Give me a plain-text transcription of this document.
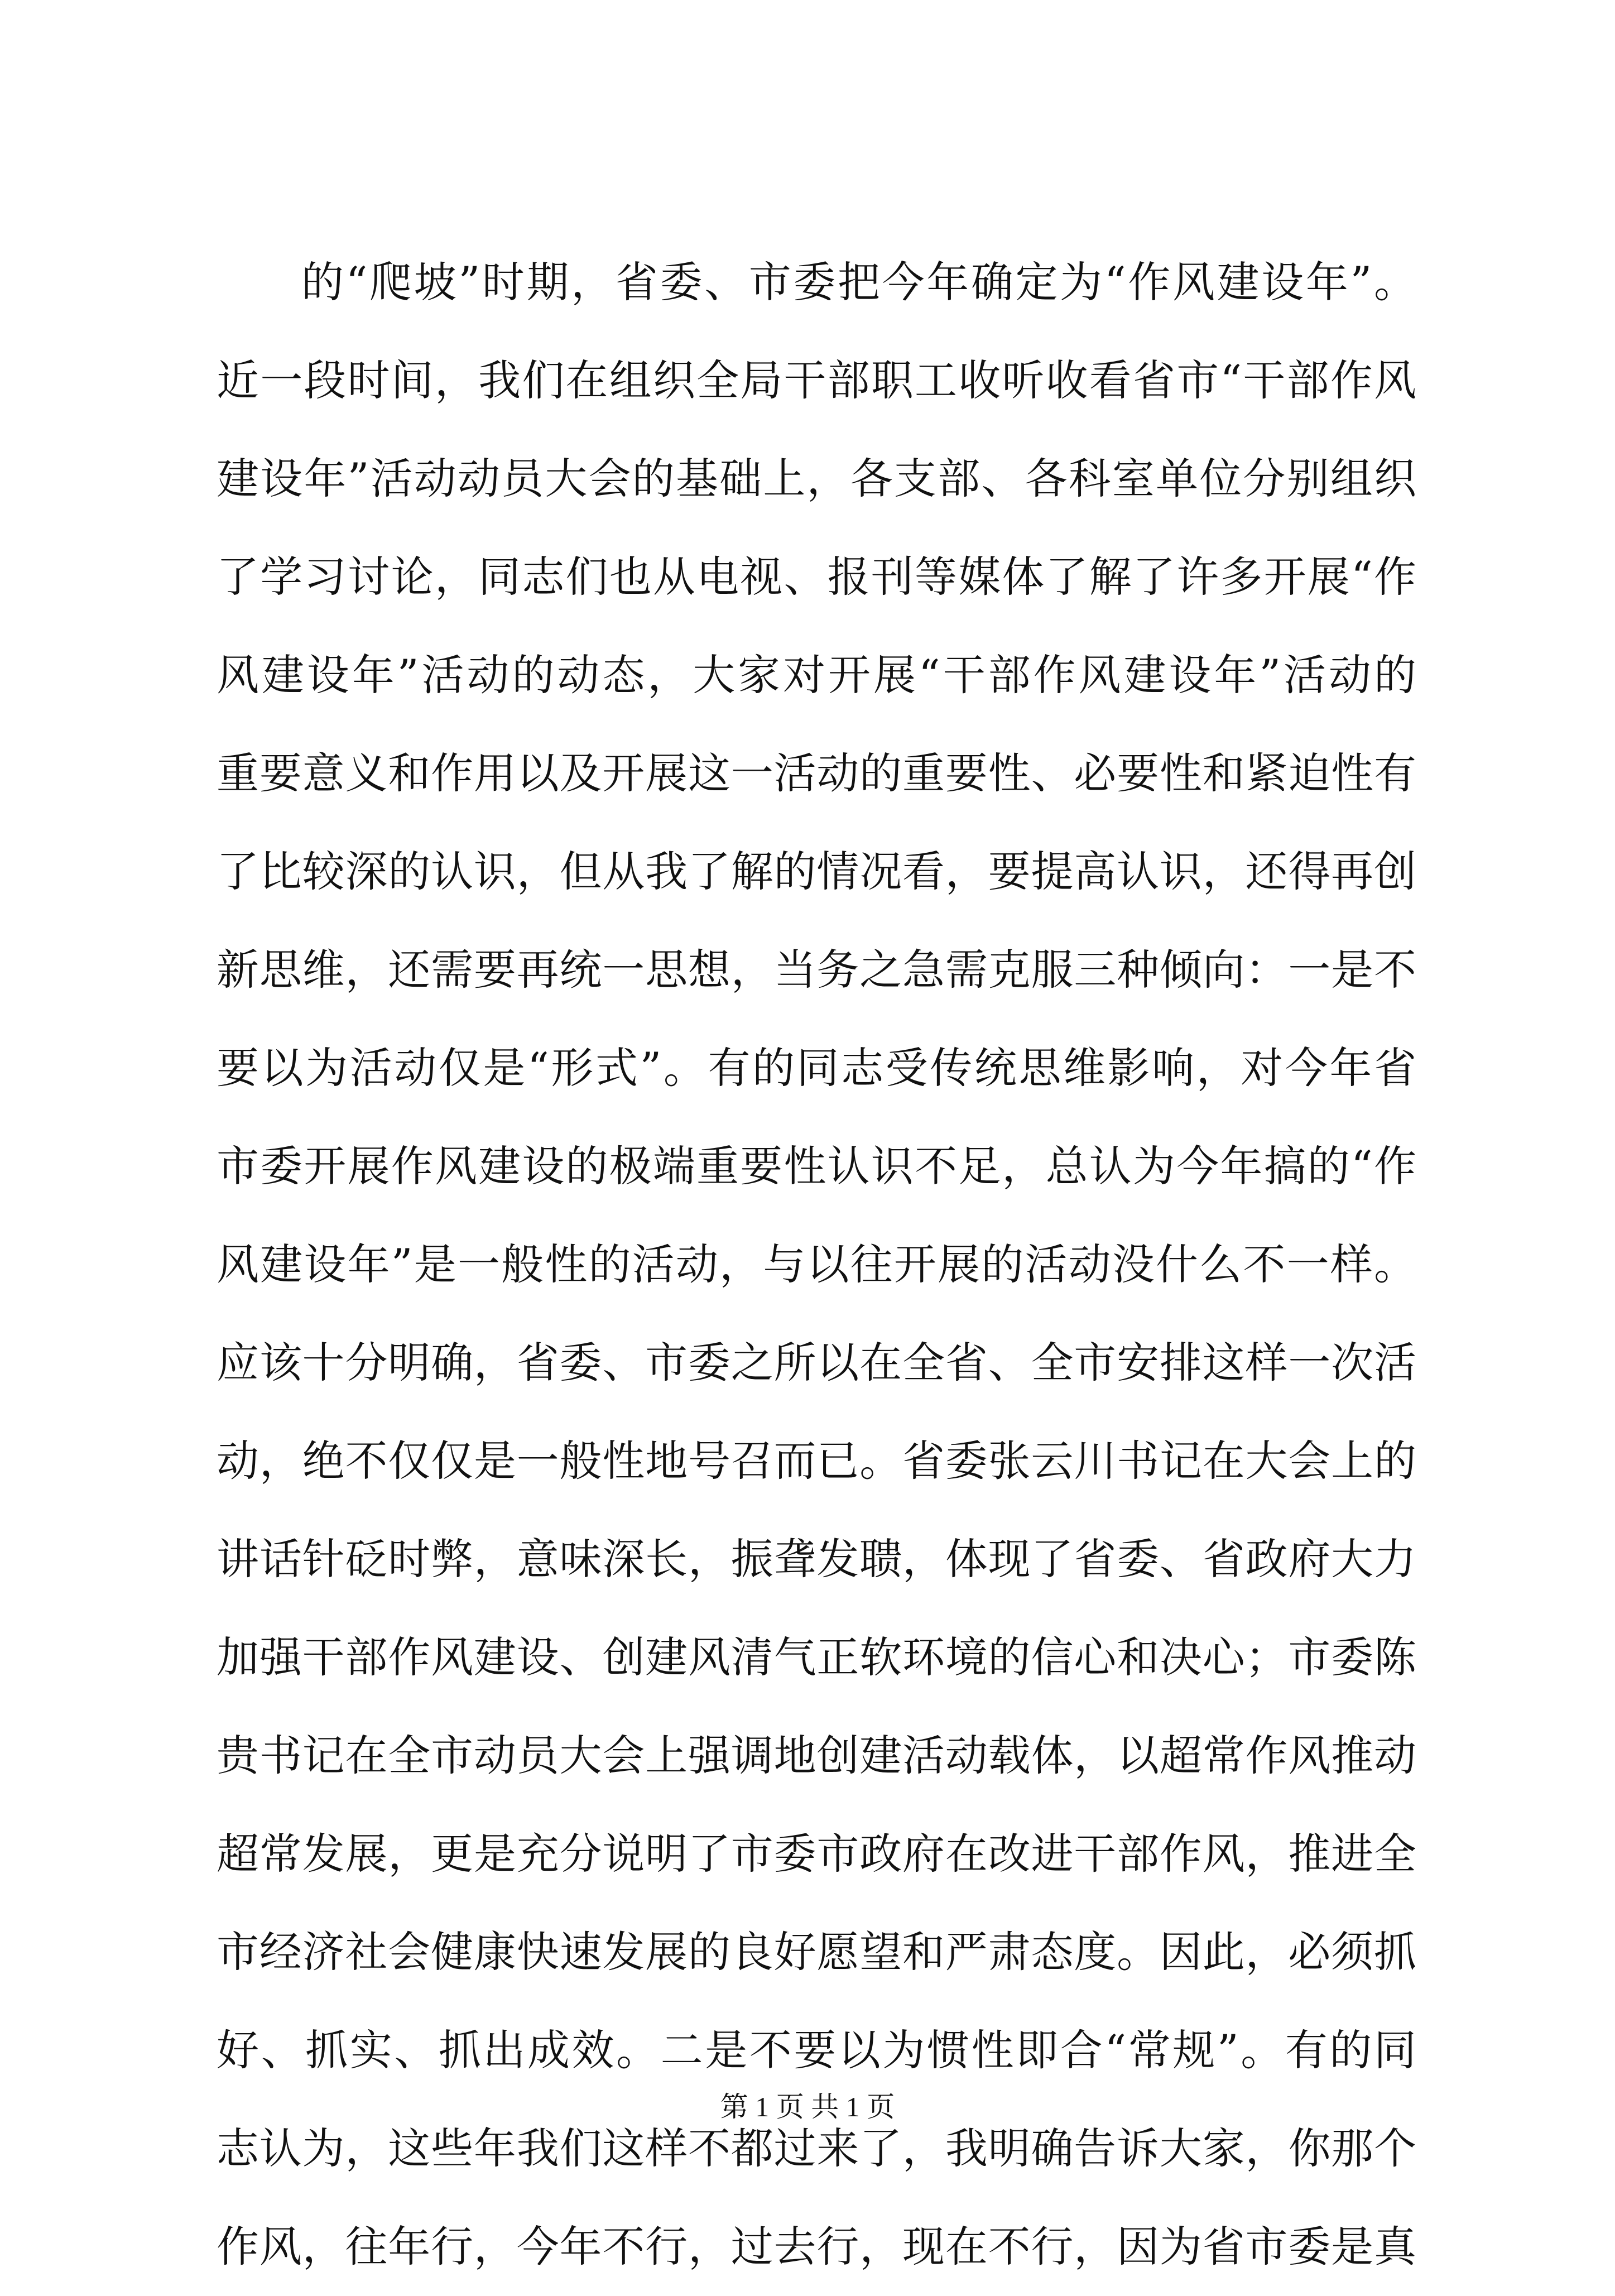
的“爬坡”时期，省委、市委把今年确定为“作风建设年”。
近一段时间，我们在组织全局干部职工收听收看省市“干部作风
建设年”活动动员大会的基础上，各支部、各科室单位分别组织
了学习讨论，同志们也从电视、报刊等媒体了解了许多开展“作
风建设年”活动的动态，大家对开展“干部作风建设年”活动的
重要意义和作用以及开展这一活动的重要性、必要性和紧迫性有
了比较深的认识，但从我了解的情况看，要提高认识，还得再创
新思维，还需要再统一思想，当务之急需克服三种倾向：一是不
要以为活动仅是“形式”。有的同志受传统思维影响，对今年省
市委开展作风建设的极端重要性认识不足，总认为今年搞的“作
风建设年”是一般性的活动，与以往开展的活动没什么不一样。
应该十分明确，省委、市委之所以在全省、全市安排这样一次活
动，绝不仅仅是一般性地号召而已。省委张云川书记在大会上的
讲话针砭时弊，意味深长，振聋发聩，体现了省委、省政府大力
加强干部作风建设、创建风清气正软环境的信心和决心；市委陈
贵书记在全市动员大会上强调地创建活动载体，以超常作风推动
超常发展，更是充分说明了市委市政府在改进干部作风，推进全
市经济社会健康快速发展的良好愿望和严肃态度。因此，必须抓
好、抓实、抓出成效。二是不要以为惯性即合“常规”。有的同
志认为，这些年我们这样不都过来了，我明确告诉大家，你那个
作风，往年行，今年不行，过去行，现在不行，因为省市委是真
第 1 页 共 1 页
